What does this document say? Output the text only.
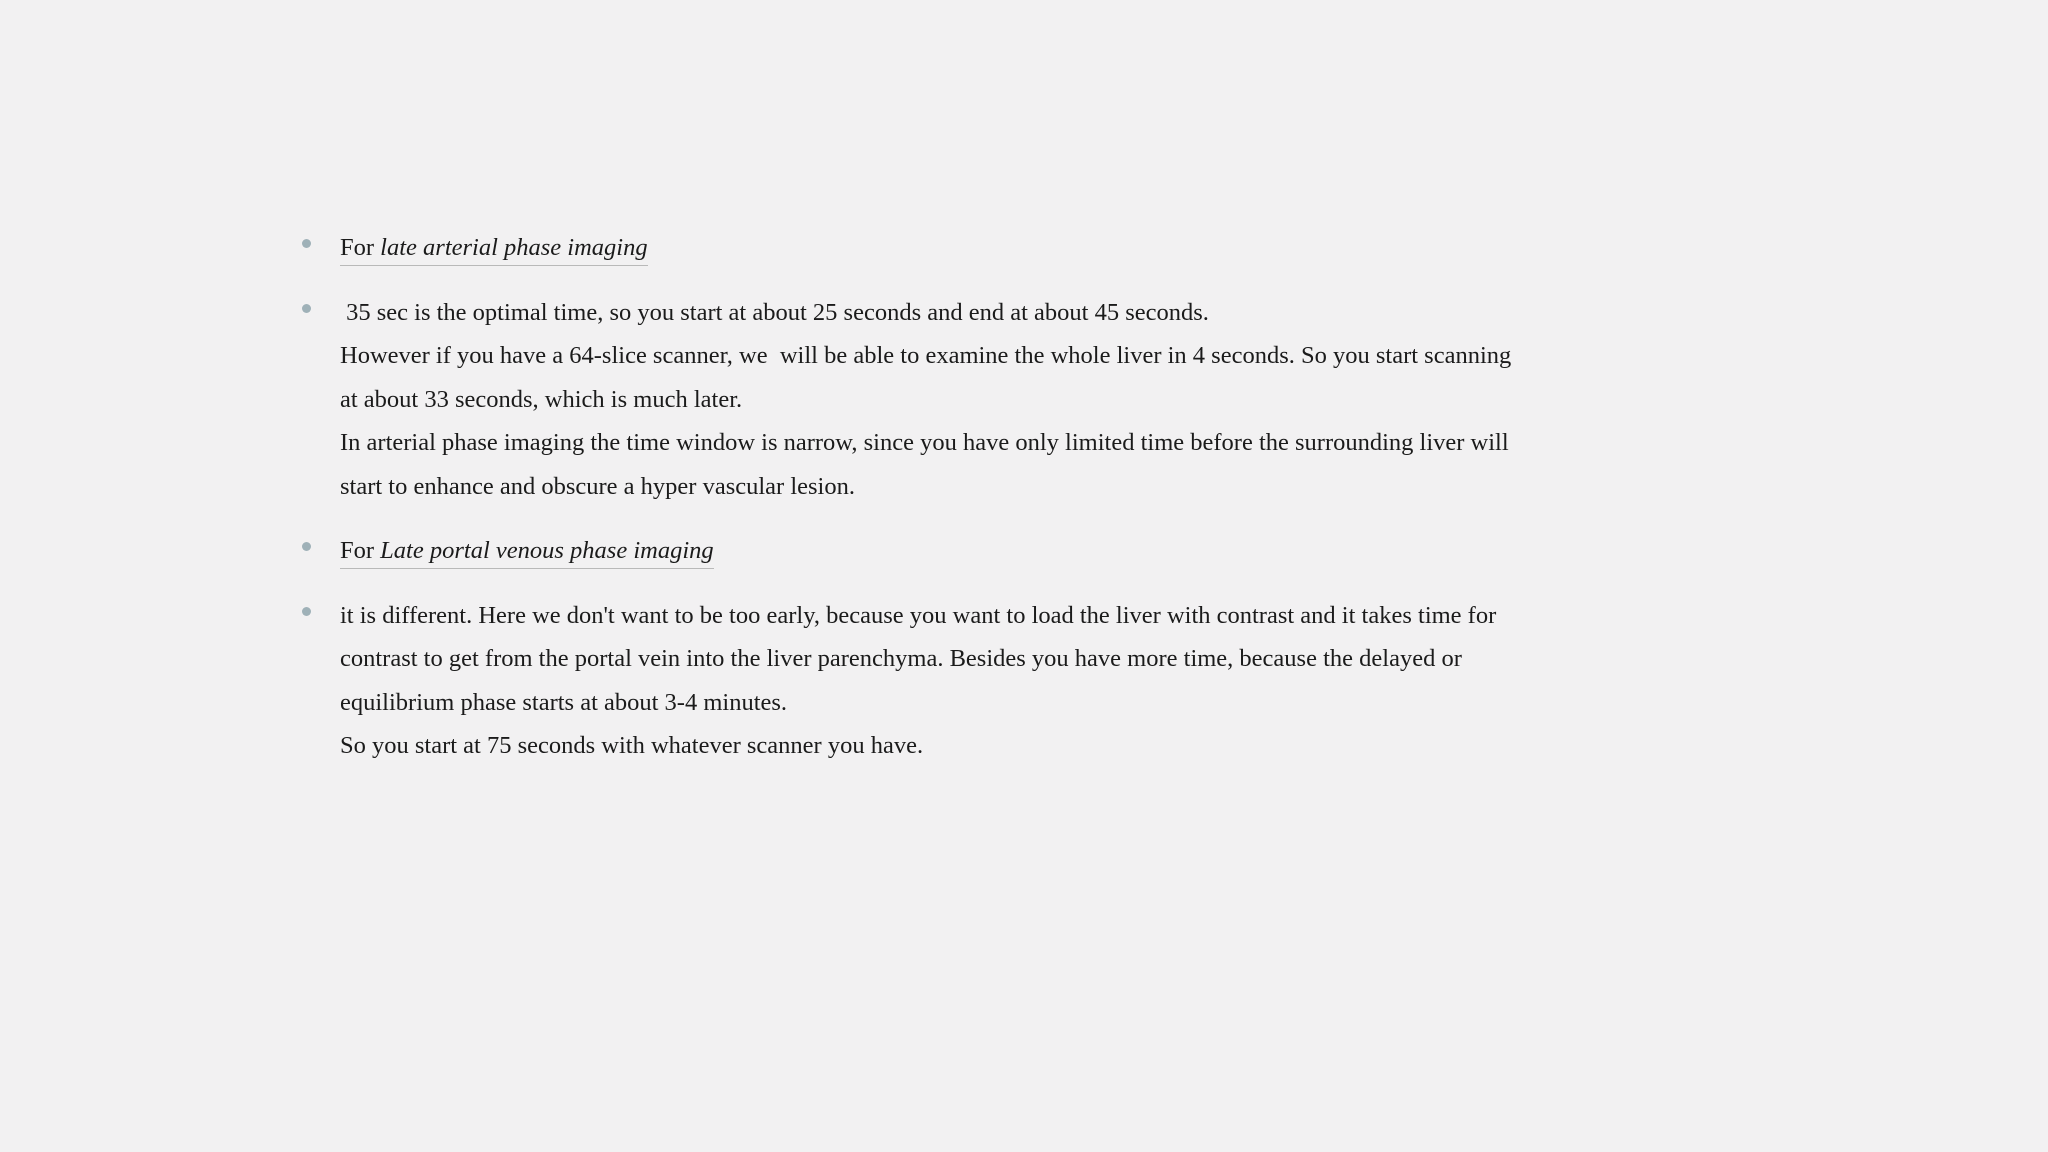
For late arterial phase imaging
35 sec is the optimal time, so you start at about 25 seconds and end at about 45 seconds.
However if you have a 64-slice scanner, we  will be able to examine the whole liver in 4 seconds. So you start scanning
at about 33 seconds, which is much later.
In arterial phase imaging the time window is narrow, since you have only limited time before the surrounding liver will
start to enhance and obscure a hyper vascular lesion.
For Late portal venous phase imaging
it is different. Here we don't want to be too early, because you want to load the liver with contrast and it takes time for
contrast to get from the portal vein into the liver parenchyma. Besides you have more time, because the delayed or
equilibrium phase starts at about 3-4 minutes.
So you start at 75 seconds with whatever scanner you have.
